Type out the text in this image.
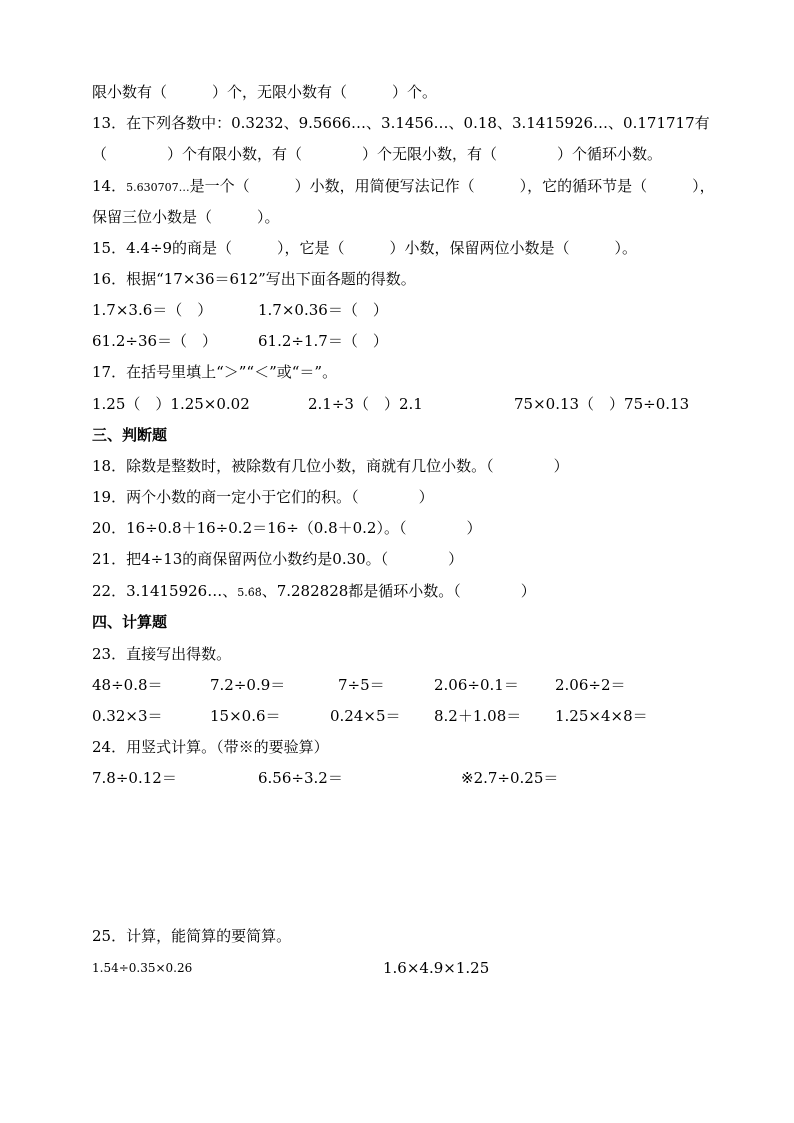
限小数有（　　　）个，无限小数有（　　　）个。
13．在下列各数中：0.3232、9.5666…、3.1456…、0.18、3.1415926…、0.171717有
（　　　　）个有限小数，有（　　　　）个无限小数，有（　　　　）个循环小数。
14．5.630707…是一个（　　　）小数，用简便写法记作（　　　），它的循环节是（　　　），
保留三位小数是（　　　）。
15．4.4÷9的商是（　　　），它是（　　　）小数，保留两位小数是（　　　）。
16．根据“17×36＝612”写出下面各题的得数。
1.7×3.6＝（　）	1.7×0.36＝（　）
61.2÷36＝（　）	61.2÷1.7＝（　）
17．在括号里填上“＞”“＜”或“＝”。
1.25（　）1.25×0.02	2.1÷3（　）2.1	75×0.13（　）75÷0.13
三、判断题
18．除数是整数时，被除数有几位小数，商就有几位小数。（　　　　）
19．两个小数的商一定小于它们的积。（　　　　）
20．16÷0.8＋16÷0.2＝16÷（0.8＋0.2）。（　　　　）
21．把4÷13的商保留两位小数约是0.30。（　　　　）
22．3.1415926…、5.6̇8̇、7.282828都是循环小数。（　　　　）
四、计算题
23．直接写出得数。
48÷0.8＝	7.2÷0.9＝	7÷5＝	2.06÷0.1＝ 2.06÷2＝
0.32×3＝	15×0.6＝	0.24×5＝ 8.2＋1.08＝ 1.25×4×8＝
24．用竖式计算。（带※的要验算）
7.8÷0.12＝	6.56÷3.2＝	※2.7÷0.25＝
25．计算，能简算的要简算。
1.54÷0.35×0.26	1.6×4.9×1.25
